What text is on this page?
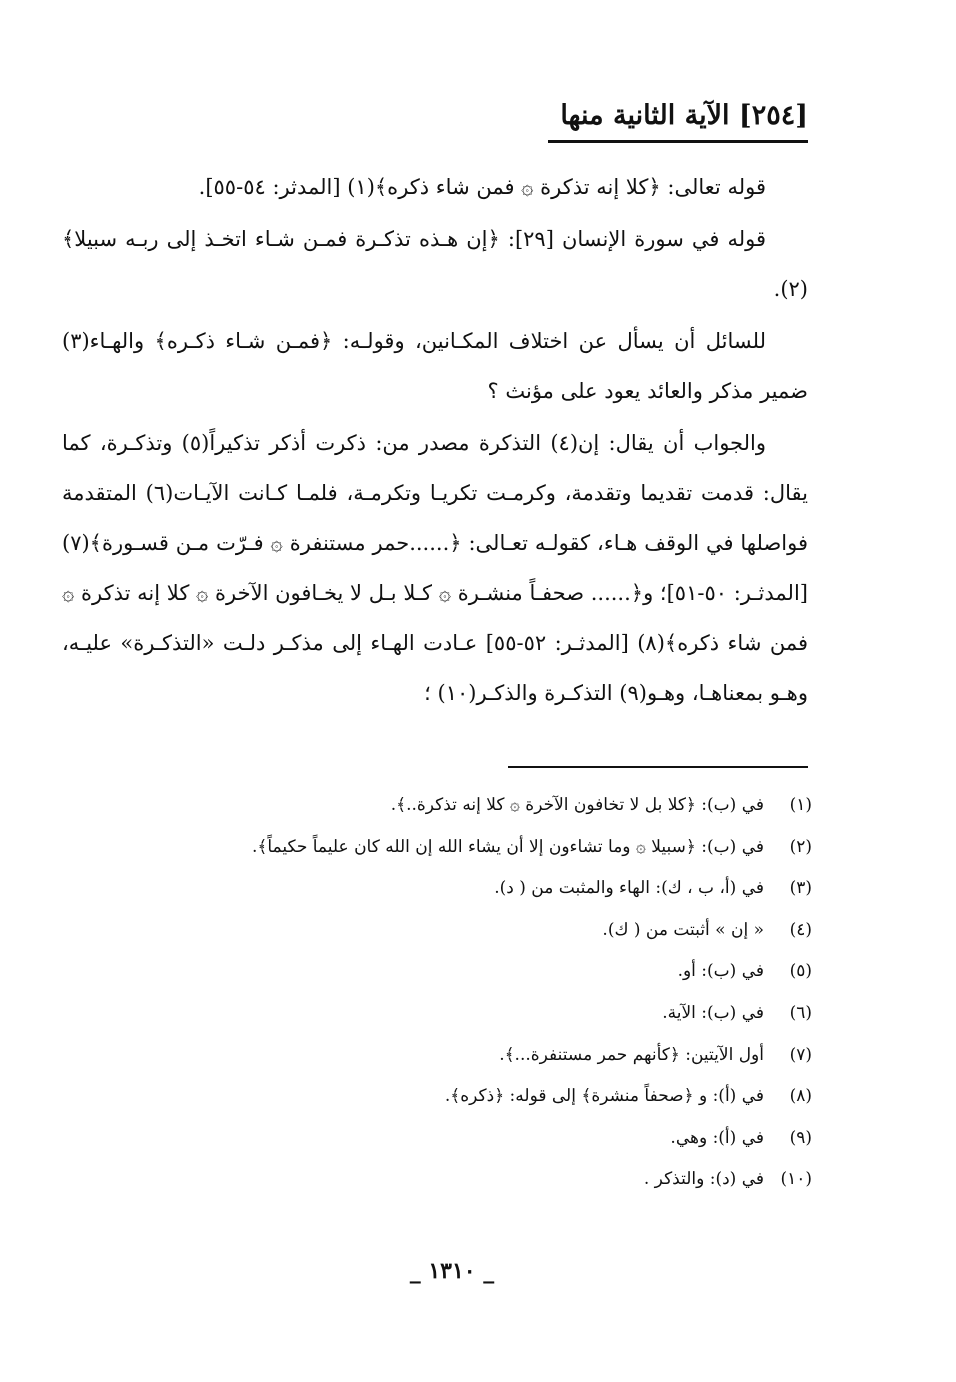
[٢٥٤] الآية الثانية منها

قوله تعالى: ﴿كلا إنه تذكرة ۞ فمن شاء ذكره﴾(١) [المدثر: ٥٤-٥٥].

قوله في سورة الإنسان [٢٩]: ﴿إن هـذه تذكـرة فمـن شـاء اتخـذ إلى ربـه سبيلا﴾(٢).

للسائل أن يسأل عن اختلاف المكـانين، وقولـه: ﴿فمـن شـاء ذكـره﴾ والهـاء(٣) ضمير مذكر والعائد يعود على مؤنث ؟

والجواب أن يقال: إن(٤) التذكرة مصدر من: ذكرت أذكر تذكيراً(٥) وتذكـرة، كما يقال: قدمت تقديما وتقدمة، وكرمـت تكريـا وتكرمـة، فلمـا كـانت الآيـات(٦) المتقدمة فواصلها في الوقف هـاء، كقولـه تعـالى: ﴿......حمر مستنفرة ۞ فـرّت مـن قسـورة﴾(٧) [المدثـر: ٥٠-٥١]؛ و﴿...... صحفـاً منشـرة ۞ كـلا بـل لا يخـافون الآخرة ۞ كلا إنه تذكرة ۞ فمن شاء ذكره﴾(٨) [المدثـر: ٥٢-٥٥] عـادت الهـاء إلى مذكـر دلـت «التذكـرة» عليـه، وهـو بمعناهـا، وهـو(٩) التذكـرة والذكـر(١٠) ؛

(١)
في (ب): ﴿كلا بل لا تخافون الآخرة ۞ كلا إنه تذكرة..﴾.
(٢)
في (ب): ﴿سبيلا ۞ وما تشاءون إلا أن يشاء الله إن الله كان عليماً حكيماً﴾.
(٣)
في (أ، ب ، ك): الهاء والمثبت من ( د).
(٤)
« إن » أثبتت من ( ك).
(٥)
في (ب): أو.
(٦)
في (ب): الآية.
(٧)
أول الآيتين: ﴿كأنهم حمر مستنفرة...﴾.
(٨)
في (أ): و ﴿صحفاً منشرة﴾ إلى قوله: ﴿ذكره﴾.
(٩)
في (أ): وهي.
(١٠)
في (د): والتذكر .
_ ١٣١٠ _
